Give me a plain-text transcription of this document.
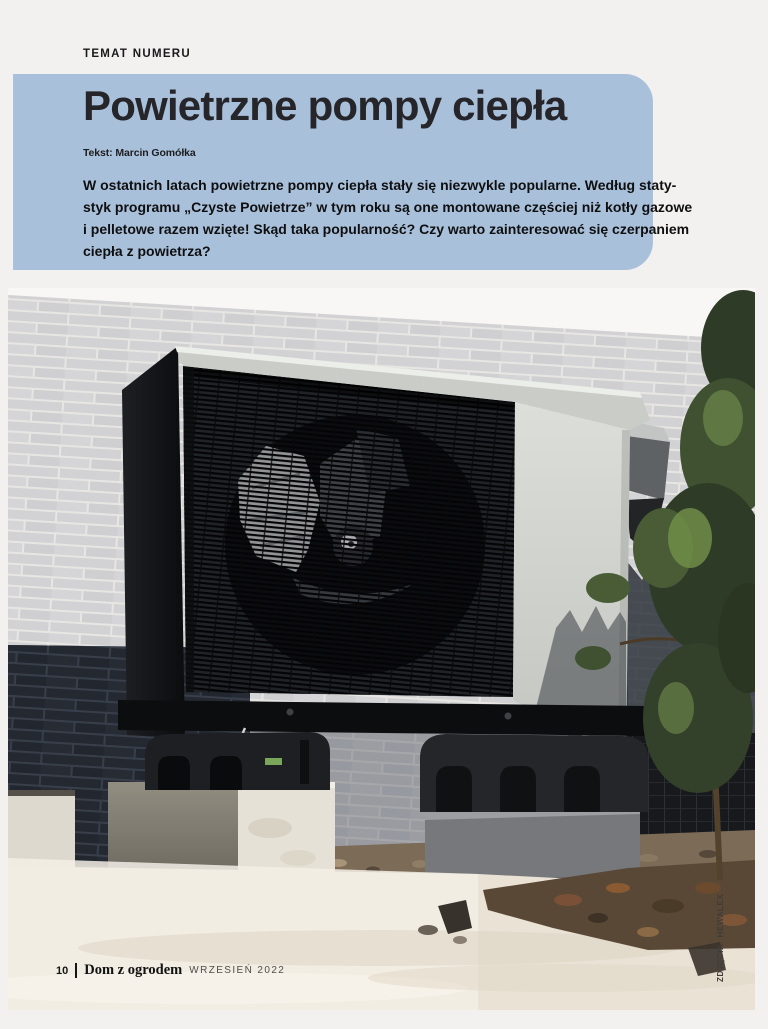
TEMAT NUMERU
Powietrzne pompy ciepła
Tekst: Marcin Gomółka
W ostatnich latach powietrzne pompy ciepła stały się niezwykle popularne. Według staty-
styk programu „Czyste Powietrze” w tym roku są one montowane częściej niż kotły gazowe
i pelletowe razem wzięte! Skąd taka popularność? Czy warto zainteresować się czerpaniem
ciepła z powietrza?
10 Dom z ogrodem WRZESIEŃ 2022	ZDJĘCIA: HEWALEX
